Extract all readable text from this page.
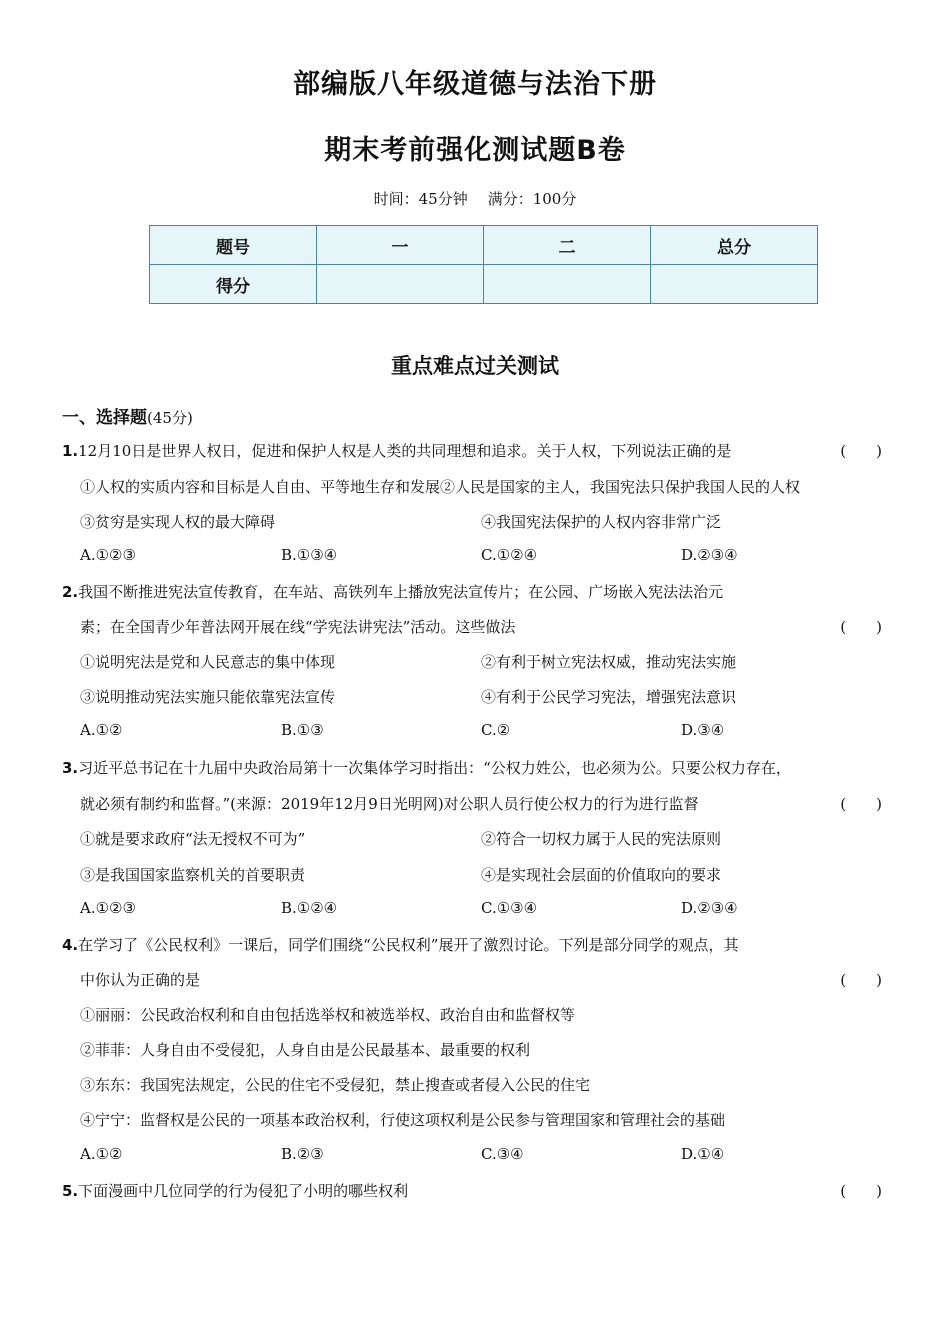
部编版八年级道德与法治下册
期末考前强化测试题B卷
时间：45分钟 满分：100分
题号	一	二	总分
得分			
重点难点过关测试
一、选择题(45分)
1.12月10日是世界人权日，促进和保护人权是人类的共同理想和追求。关于人权，下列说法正确的是	(　　)
①人权的实质内容和目标是人自由、平等地生存和发展②人民是国家的主人，我国宪法只保护我国人民的人权
③贫穷是实现人权的最大障碍	④我国宪法保护的人权内容非常广泛
A.①②③	B.①③④	C.①②④	D.②③④
2.我国不断推进宪法宣传教育，在车站、高铁列车上播放宪法宣传片；在公园、广场嵌入宪法法治元
素；在全国青少年普法网开展在线“学宪法讲宪法”活动。这些做法	(　　)
①说明宪法是党和人民意志的集中体现	②有利于树立宪法权威，推动宪法实施
③说明推动宪法实施只能依靠宪法宣传	④有利于公民学习宪法，增强宪法意识
A.①②	B.①③	C.②	D.③④
3.习近平总书记在十九届中央政治局第十一次集体学习时指出：“公权力姓公，也必须为公。只要公权力存在，
就必须有制约和监督。”(来源：2019年12月9日光明网)对公职人员行使公权力的行为进行监督	(　　)
①就是要求政府“法无授权不可为”	②符合一切权力属于人民的宪法原则
③是我国国家监察机关的首要职责	④是实现社会层面的价值取向的要求
A.①②③	B.①②④	C.①③④	D.②③④
4.在学习了《公民权利》一课后，同学们围绕“公民权利”展开了激烈讨论。下列是部分同学的观点，其
中你认为正确的是	(　　)
①丽丽：公民政治权利和自由包括选举权和被选举权、政治自由和监督权等
②菲菲：人身自由不受侵犯，人身自由是公民最基本、最重要的权利
③东东：我国宪法规定，公民的住宅不受侵犯，禁止搜查或者侵入公民的住宅
④宁宁：监督权是公民的一项基本政治权利，行使这项权利是公民参与管理国家和管理社会的基础
A.①②	B.②③	C.③④	D.①④
5.下面漫画中几位同学的行为侵犯了小明的哪些权利	(　　)
